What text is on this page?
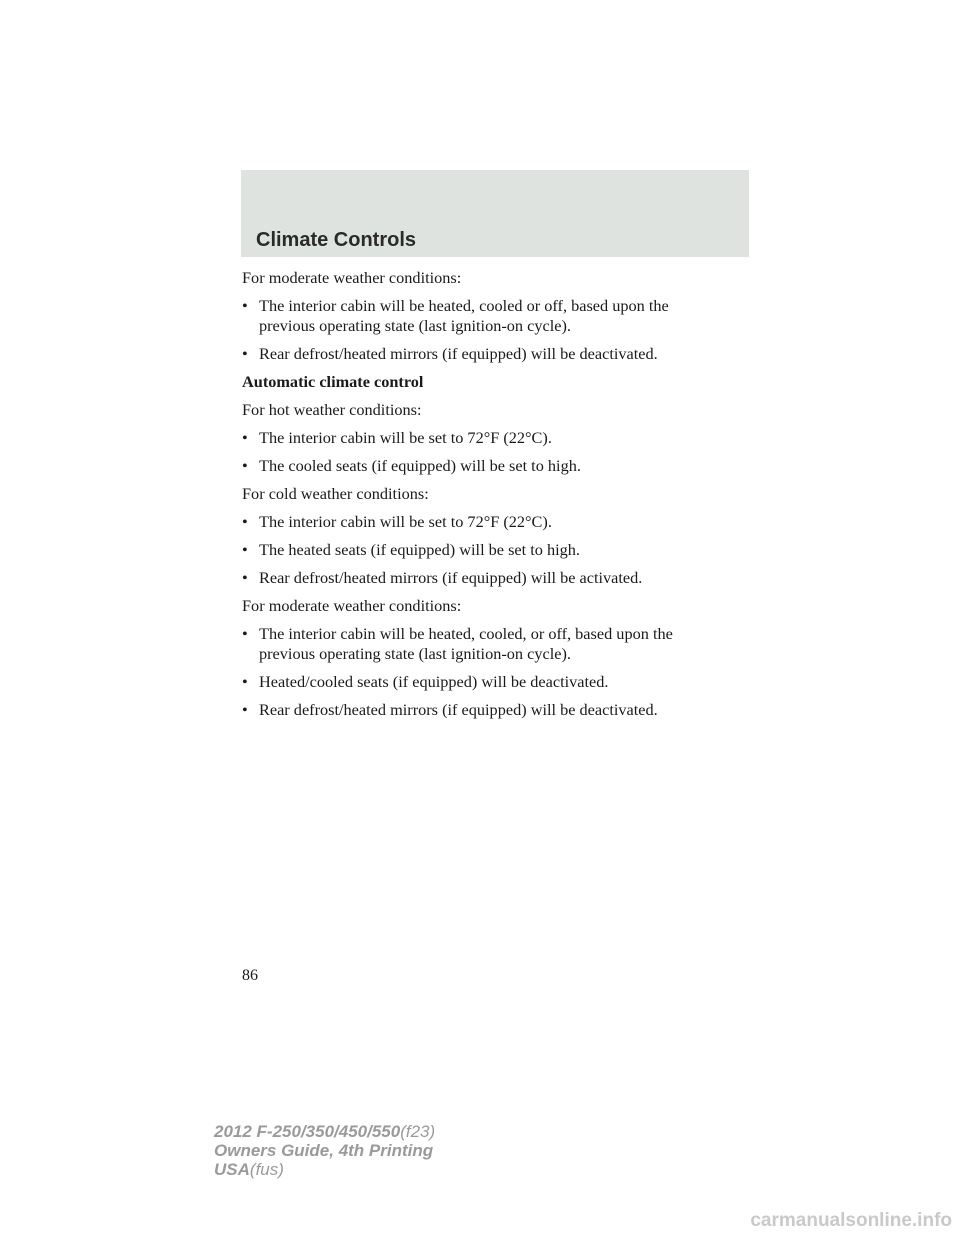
Climate Controls
For moderate weather conditions:
• The interior cabin will be heated, cooled or off, based upon the
previous operating state (last ignition-on cycle).
• Rear defrost/heated mirrors (if equipped) will be deactivated.
Automatic climate control
For hot weather conditions:
• The interior cabin will be set to 72°F (22°C).
• The cooled seats (if equipped) will be set to high.
For cold weather conditions:
• The interior cabin will be set to 72°F (22°C).
• The heated seats (if equipped) will be set to high.
• Rear defrost/heated mirrors (if equipped) will be activated.
For moderate weather conditions:
• The interior cabin will be heated, cooled, or off, based upon the
previous operating state (last ignition-on cycle).
• Heated/cooled seats (if equipped) will be deactivated.
• Rear defrost/heated mirrors (if equipped) will be deactivated.
86
2012 F-250/350/450/550(f23)
Owners Guide, 4th Printing
USA(fus)
carmanualsonline.info
